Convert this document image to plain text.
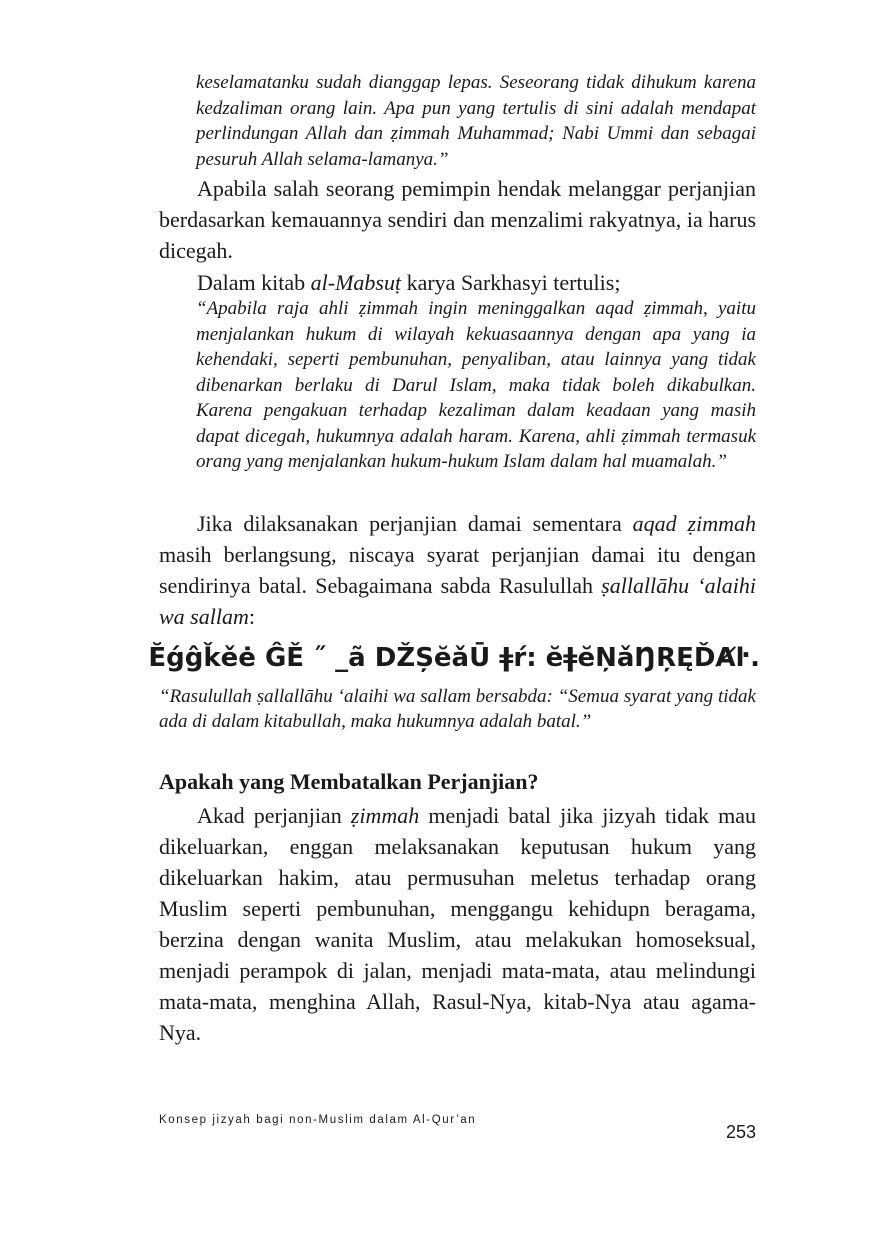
keselamatanku sudah dianggap lepas. Seseorang tidak dihukum karena kedzaliman orang lain. Apa pun yang tertulis di sini adalah mendapat perlindungan Allah dan ẓimmah Muhammad; Nabi Ummi dan sebagai pesuruh Allah selama-lamanya.”

Apabila salah seorang pemimpin hendak melanggar perjanjian berdasarkan kemauannya sendiri dan menzalimi rakyatnya, ia harus dicegah.

Dalam kitab al-Mabsuṭ karya Sarkhasyi tertulis;

“Apabila raja ahli ẓimmah ingin meninggalkan aqad ẓimmah, yaitu menjalankan hukum di wilayah kekuasaannya dengan apa yang ia kehendaki, seperti pembunuhan, penyaliban, atau lainnya yang tidak dibenarkan berlaku di Darul Islam, maka tidak boleh dikabulkan. Karena pengakuan terhadap kezaliman dalam keadaan yang masih dapat dicegah, hukumnya adalah haram. Karena, ahli ẓimmah termasuk orang yang menjalankan hukum-hukum Islam dalam hal muamalah.”

Jika dilaksanakan perjanjian damai sementara aqad ẓimmah masih berlangsung, niscaya syarat perjanjian damai itu dengan sendirinya batal. Sebagaimana sabda Rasulullah ṣallallāhu ‘alaihi wa sallam:

.Ĕǵĝǩěė ĜĚ ˝ _ã ǄȘĕǎŪ ǂŕ: ĕǂĕŅǎŊŖĘĎȺŀ

“Rasulullah ṣallallāhu ‘alaihi wa sallam bersabda: “Semua syarat yang tidak ada di dalam kitabullah, maka hukumnya adalah batal.”

Apakah yang Membatalkan Perjanjian?

Akad perjanjian ẓimmah menjadi batal jika jizyah tidak mau dikeluarkan, enggan melaksanakan keputusan hukum yang dikeluarkan hakim, atau permusuhan meletus terhadap orang Muslim seperti pembunuhan, menggangu kehidupn beragama, berzina dengan wanita Muslim, atau melakukan homoseksual, menjadi perampok di jalan, menjadi mata-mata, atau melindungi mata-mata, menghina Allah, Rasul-Nya, kitab-Nya atau agama-Nya.

Konsep jizyah bagi non-Muslim dalam Al-Qur’an
253
